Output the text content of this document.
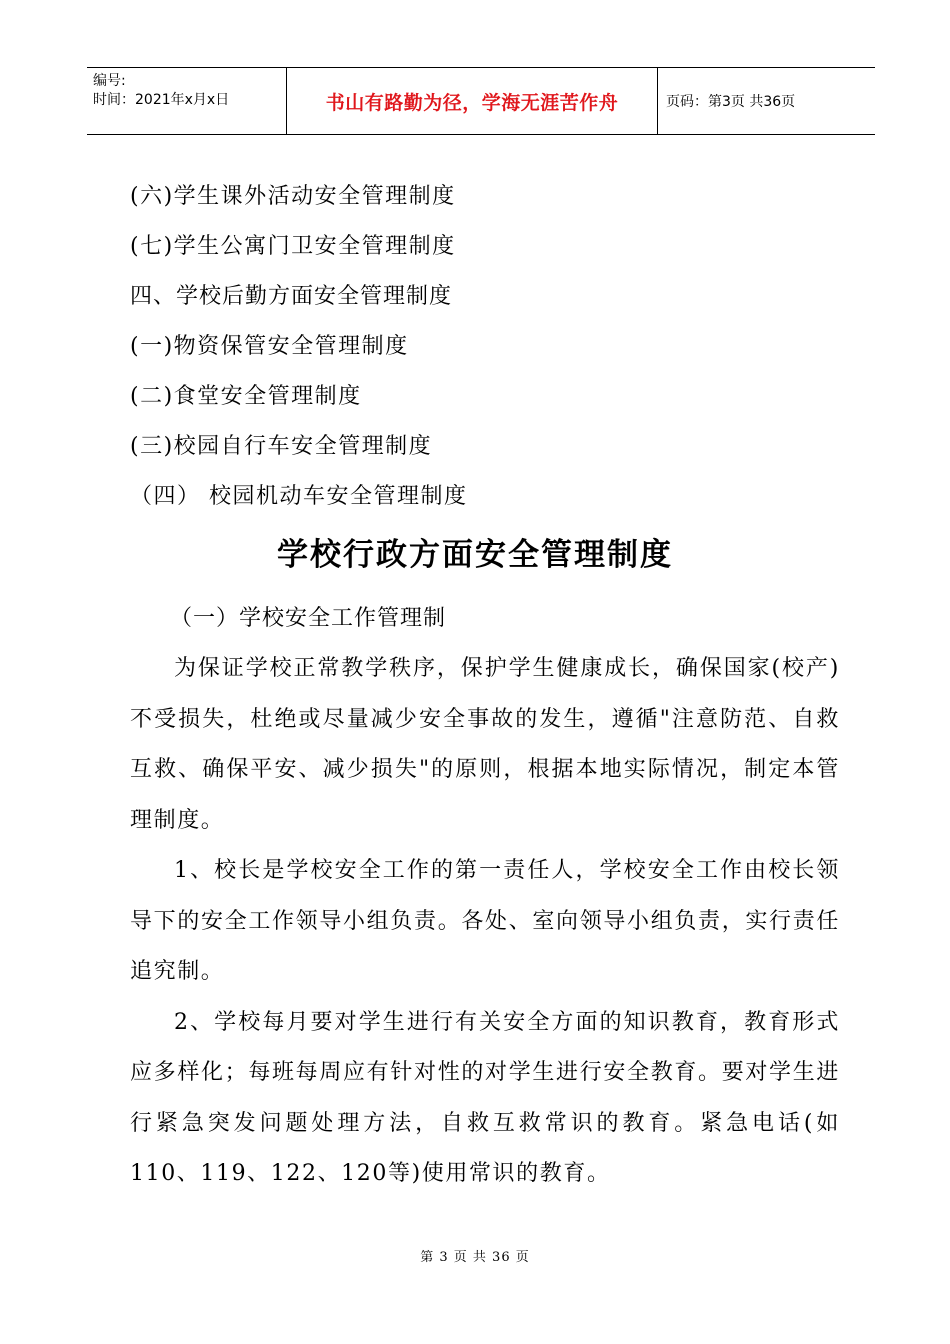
编号:
时间：2021年x月x日	书山有路勤为径，学海无涯苦作舟	页码：第3页 共36页
(六)学生课外活动安全管理制度
(七)学生公寓门卫安全管理制度
四、学校后勤方面安全管理制度
(一)物资保管安全管理制度
(二)食堂安全管理制度
(三)校园自行车安全管理制度
（四） 校园机动车安全管理制度
学校行政方面安全管理制度
（一）学校安全工作管理制

为保证学校正常教学秩序，保护学生健康成长，确保国家(校产)不受损失，杜绝或尽量减少安全事故的发生，遵循"注意防范、自救互救、确保平安、减少损失"的原则，根据本地实际情况，制定本管理制度。

1、校长是学校安全工作的第一责任人，学校安全工作由校长领导下的安全工作领导小组负责。各处、室向领导小组负责，实行责任追究制。

2、学校每月要对学生进行有关安全方面的知识教育，教育形式应多样化；每班每周应有针对性的对学生进行安全教育。要对学生进行紧急突发问题处理方法，自救互救常识的教育。紧急电话(如110、119、122、120等)使用常识的教育。

第 3 页 共 36 页
